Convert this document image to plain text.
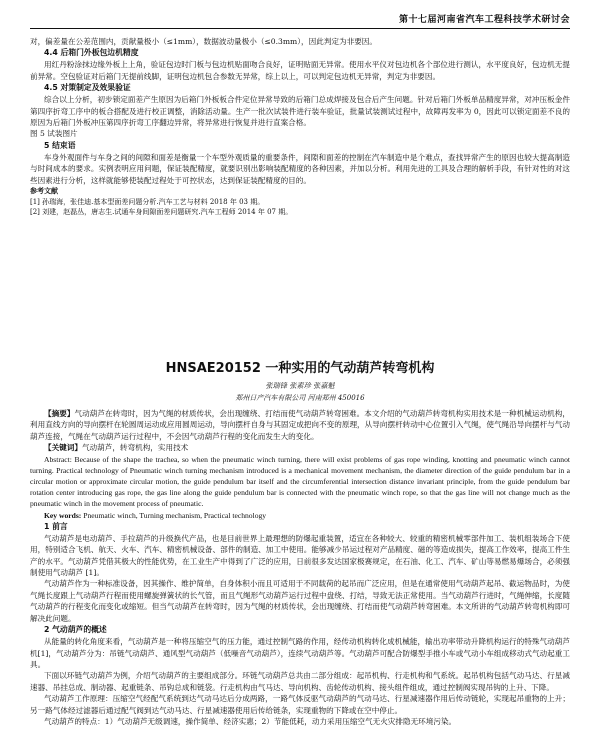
第十七届河南省汽车工程科技学术研讨会

对，偏差量在公差范围内，贡献量极小（≤1mm），数据波动量极小（≤0.3mm），因此判定为非要因。

4.4 后箱门外板包边机精度

用红丹粉涂抹边缘外板上上角，验证包边时门板与包边机贴面吻合良好，证明贴面无异常。使用水平仪对包边机各个部位进行测认，水平度良好，包边机无提前异常。空包验证对后箱门无提前线脚，证明包边机包合参数无异常，综上以上，可以判定包边机无异常，判定为非要因。

4.5 对策制定及效果验证

综合以上分析，初步锁定面差产生原因为后箱门外板板合件定位异常导致的后箱门总成焊接及包合后产生问题。针对后箱门外板单品精度异常，对冲压板金件第四序折弯工序中的板合搭配及进行校正调整，消除活动量。生产一批次试装件进行装车验证，批量试装测试过程中，故障再发率为 0，因此可以锁定面差不良的原因为后箱门外板冲压第四序折弯工序翻边异常，将异常进行恢复并进行直案合格。

图 5 试装图片

5 结束语

车身外观面件与车身之间的间隙和面差是衡量一个车型外观质量的重要条件，间隙和面差的控制在汽车制造中是个难点，查找异常产生的原因也较大提高制造与时间成本的要求。实例表明应用问题，保证装配精度，就要识别出影响装配精度的各种因素，并加以分析。利用先进的工具及合理的解析手段，有针对性的对这些因素进行分析，这样就能够使装配过程处于可控状态，达到保证装配精度的目的。

参考文献

[1] 孙瑞海，张佳迪.基本型面差问题分析.汽车工艺与材料 2018 年 03 期。

[2] 刘建，赵磊丛，唐志生.试通车身间隙面差问题研究.汽车工程师 2014 年 07 期。

HNSAE20152 一种实用的气动葫芦转弯机构
张瑞锋 张素珍 张嘉魁
郑州日产汽车有限公司 河南郑州 450016

【摘要】气动葫芦在转弯时，因为气绳的材质传状，会出现缠绕、打结而使气动葫芦转弯困难。本文介绍的气动葫芦转弯机构实用技术是一种机械运动机构，利用直线方向的导向摆杆在轮圆周运动成应用圆周运动，导向摆杆自身与其固定成把向不变的原理，从导向摆杆转动中心位置引入气绳，使气绳沿导向摆杆与气动葫芦连接，气绳在气动葫芦运行过程中，不会因气动葫芦行程的变化而发生大的变化。

【关键词】气动葫芦，转弯机构，实用技术

Abstract: Because of the shape the trachea, so when the pneumatic winch turning, there will exist problems of gas rope winding, knotting and pneumatic winch cannot turning. Practical technology of Pneumatic winch turning mechanism introduced is a mechanical movement mechanism, the diameter direction of the guide pendulum bar in a circular motion or approximate circular motion, the guide pendulum bar itself and the circumferential intersection distance invariant principle, from the guide pendulum bar rotation center introducing gas rope, the gas line along the guide pendulum bar is connected with the pneumatic winch rope, so that the gas line will not change much as the pneumatic winch in the movement process of pneumatic.

Key words: Pneumatic winch, Turning mechanism, Practical technology

1 前言

气动葫芦是电动葫芦、手拉葫芦的升级换代产品，也是目前世界上最理想的防爆起重装置，适宜在各种较大、较重的精密机械零部件加工、装机组装场合下使用，特别适合飞机、航天、火车、汽车、精密机械设备、部件的制造、加工中使用。能够减少吊运过程对产品精度、磁的等造成损失，提高工作效率，提高工件生产的水平。气动葫芦凭借其极大的性能优势，在工业生产中得到了广泛的应用，日前很多发达国家极赛规定，在石油、化工、汽车、矿山等易燃易爆场合，必须强制使用气动葫芦 [1]。

气动葫芦作为一种标准设备，因其操作、维护简单，自身体积小而且可适用于不同载荷的起吊而广泛应用，但是在通常使用气动葫芦起吊、截运物品时，为使气绳长度跟上气动葫芦行程而使用螺旋弹簧状的长气管，而且气绳形气动葫芦运行过程中盘绕、打结，导致无法正常使用。当气动葫芦行进时，气绳伸缩，长度随气动葫芦的行程变化而变化或缩短。但当气动葫芦在转弯时，因为气绳的材质传状，会出现缠绕、打结而使气动葫芦转弯困难。本文所讲的气动葫芦转弯机构即可解决此问题。

2 气动葫芦的概述

从能量的转化角度来看，气动葫芦是一种将压缩空气的压力能，通过控制气路的作用，经传动机构转化成机械能，输出功率带动升降机构运行的特殊气动葫芦机[1]，气动葫芦分为：吊链气动葫芦、通风型气动葫芦（低噪音气动葫芦），连续气动葫芦等。气动葫芦可配合防爆型手推小车或气动小车组成移动式气动起重工具。

下面以环链气动葫芦为例，介绍气动葫芦的主要组成部分。环链气动葫芦总共由二部分组成：起吊机构、行走机构和气系统。起吊机构包括气动马达、行星减速器、吊挂总成、制动器、起重链条、吊钩总成和链袋。行走机构由气马达、导向机构、齿轮传动机构、接头组件组成，通过控制阀实现吊钩的上升、下降。

气动葫芦工作原理：压缩空气经配气系统到达气动马达后分成两路，一路气体反驱气动葫芦的气动马达、行星减速器作用后传动链轮，实现起吊重物的上升；另一路气体经过滤器后通过配气阀到达气动马达、行星减速器使用后传给链条，实现重物的下降或在空中停止。

气动葫芦的特点：1）气动葫芦无级调速，操作简单、经济实惠；2）节能低耗，动力采用压缩空气无火灾排隐无环境污染。
